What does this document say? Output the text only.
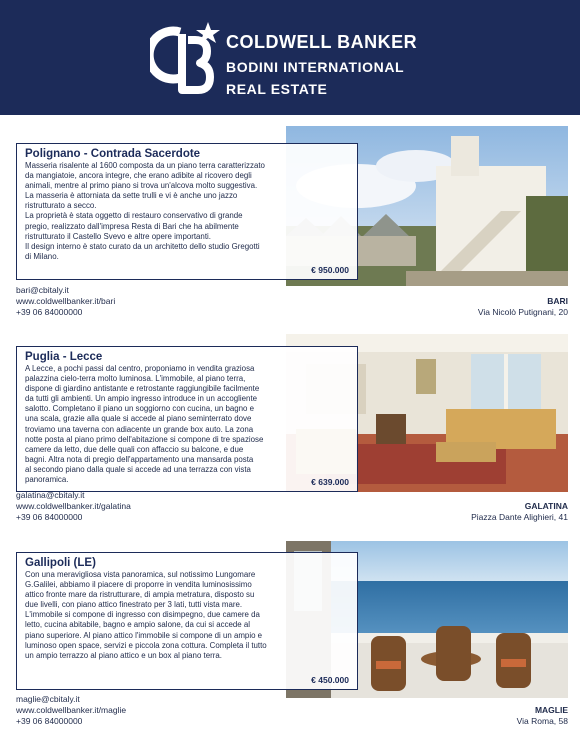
COLDWELL BANKER
BODINI INTERNATIONAL
REAL ESTATE
Polignano - Contrada Sacerdote
Masseria risalente al 1600 composta da un piano terra caratterizzato
da mangiatoie, ancora integre, che erano adibite al ricovero degli
animali, mentre al primo piano si trova un'alcova molto suggestiva.
La masseria è attorniata da sette trulli e vi è anche uno jazzo
ristrutturato a secco.
La proprietà è stata oggetto di restauro conservativo di grande
pregio, realizzato dall'impresa Resta di Bari che ha abilmente
ristrutturato il Castello Svevo e altre opere importanti.
Il design interno è stato curato da un architetto dello studio Gregotti
di Milano.
€ 950.000
bari@cbitaly.it
www.coldwellbanker.it/bari
+39 06 84000000
BARI
Via Nicolò Putignani, 20
Puglia - Lecce
A Lecce, a pochi passi dal centro, proponiamo in vendita graziosa
palazzina cielo-terra molto luminosa. L'immobile, al piano terra,
dispone di giardino antistante e retrostante raggiungibile facilmente
da tutti gli ambienti. Un ampio ingresso introduce in un accogliente
salotto. Completano il piano un soggiorno con cucina, un bagno e
una scala, grazie alla quale si accede al piano seminterrato dove
troviamo una taverna con adiacente un grande box auto. La zona
notte posta al piano primo dell'abitazione si compone di tre spaziose
camere da letto, due delle quali con affaccio su balcone, e due
bagni. Altra nota di pregio dell'appartamento una mansarda posta
al secondo piano dalla quale si accede ad una terrazza con vista
panoramica.	€ 639.000
galatina@cbitaly.it
www.coldwellbanker.it/galatina
+39 06 84000000
GALATINA
Piazza Dante Alighieri, 41
Gallipoli (LE)
Con una meravigliosa vista panoramica, sul notissimo Lungomare
G.Galilei, abbiamo il piacere di proporre in vendita luminosissimo
attico fronte mare da ristrutturare, di ampia metratura, disposto su
due livelli, con piano attico finestrato per 3 lati, tutti vista mare.
L'immobile si compone di ingresso con disimpegno, due camere da
letto, cucina abitabile, bagno e ampio salone, da cui si accede al
piano superiore. Al piano attico l'immobile si compone di un ampio e
luminoso open space, servizi e piccola zona cottura. Completa il tutto
un ampio terrazzo al piano attico e un box al piano terra.
€ 450.000
maglie@cbitaly.it
www.coldwellbanker.it/maglie
+39 06 84000000
MAGLIE
Via Roma, 58
